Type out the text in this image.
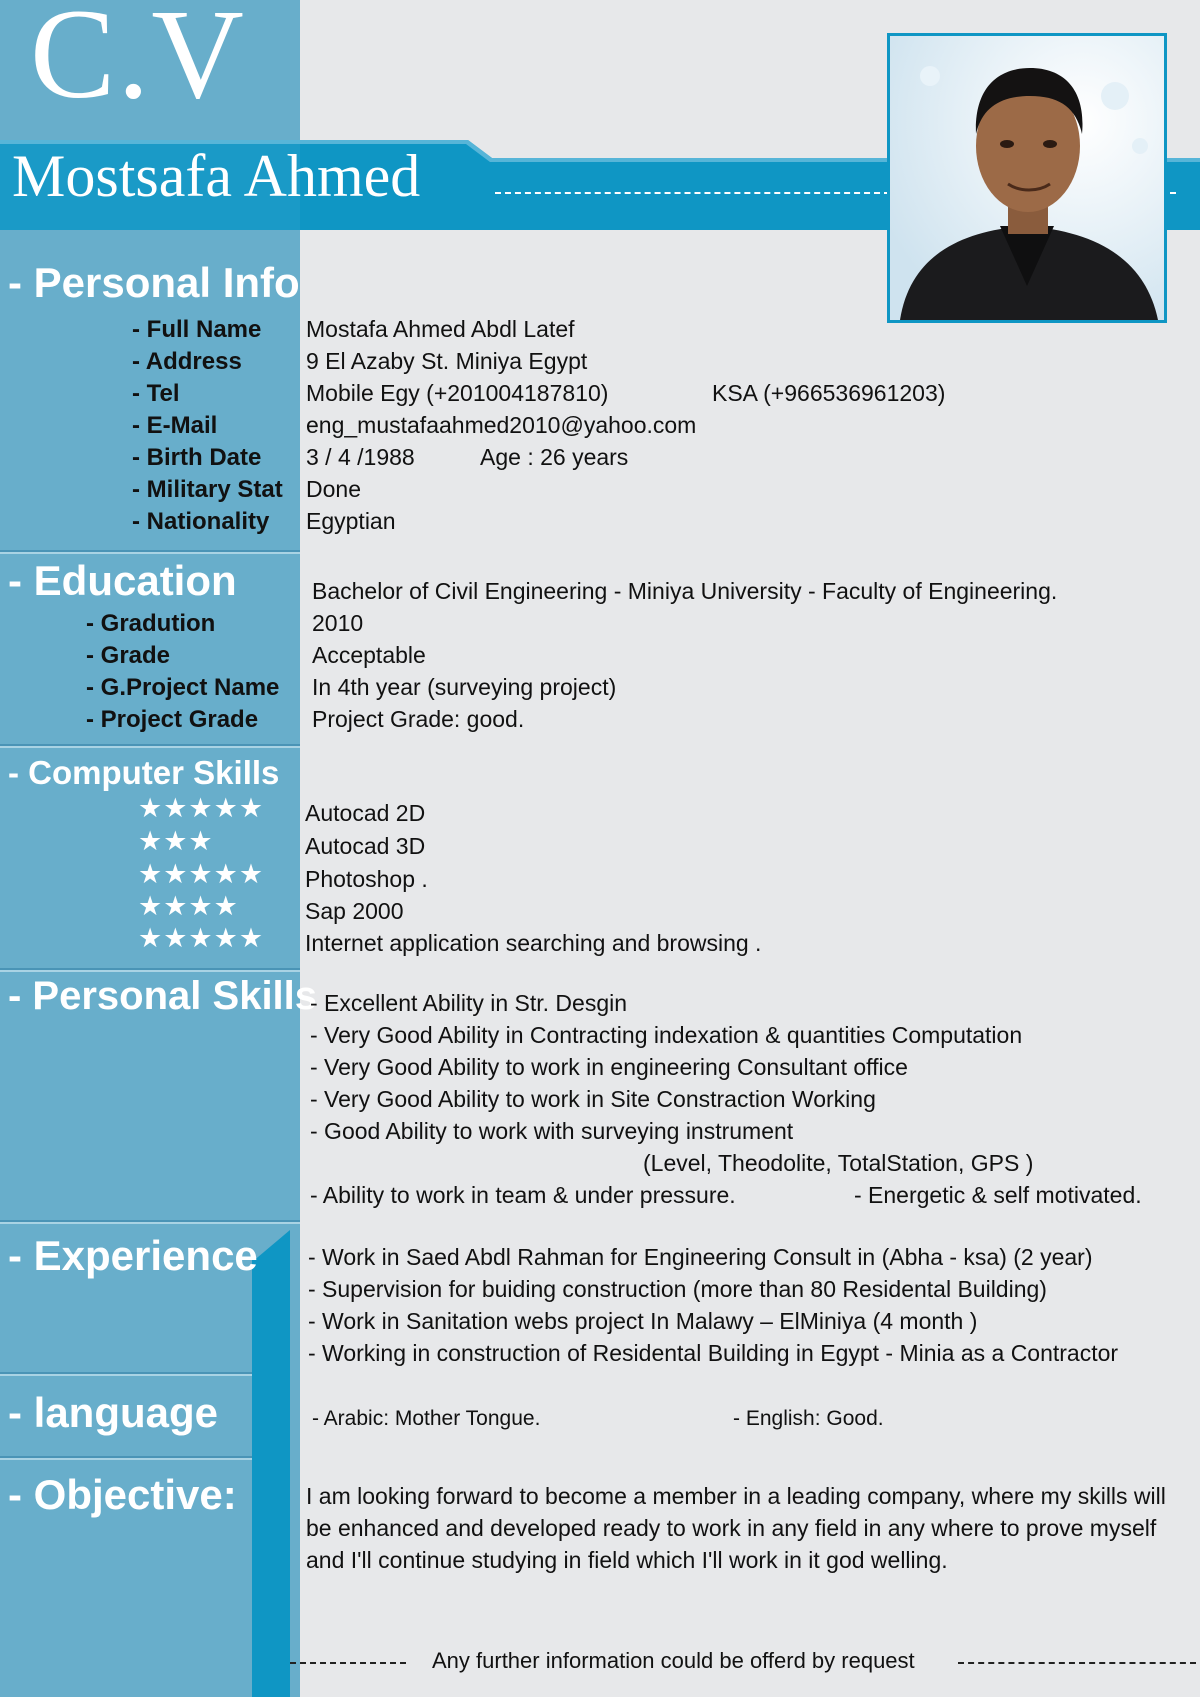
C.V
Mostsafa Ahmed
- Personal Info
- Full Name Mostafa Ahmed Abdl Latef
- Address	9 El Azaby St. Miniya Egypt
- Tel	Mobile Egy (+201004187810)	KSA (+966536961203)
- E-Mail	eng_mustafaahmed2010@yahoo.com
- Birth Date 3 / 4 /1988	Age : 26 years
- Military Stat Done
- Nationality Egyptian
- Education	Bachelor of Civil Engineering - Miniya University - Faculty of Engineering.
- Gradution	2010
- Grade	Acceptable
- G.Project Name In 4th year (surveying project)
- Project Grade Project Grade: good.
- Computer Skills
★★★★★ Autocad 2D
★★★	Autocad 3D
★★★★★ Photoshop .
★★★★	Sap 2000
★★★★★ Internet application searching and browsing .
- Personal Skills
- Excellent Ability in Str. Desgin
- Very Good Ability in Contracting indexation & quantities Computation
- Very Good Ability to work in engineering Consultant office
- Very Good Ability to work in Site Constraction Working
- Good Ability to work with surveying instrument
(Level, Theodolite, TotalStation, GPS )
- Ability to work in team & under pressure.	- Energetic & self motivated.
- Experience - Work in Saed Abdl Rahman for Engineering Consult in (Abha - ksa) (2 year)
- Supervision for buiding construction (more than 80 Residental Building)
- Work in Sanitation webs project In Malawy – ElMiniya (4 month )
- Working in construction of Residental Building in Egypt - Minia as a Contractor
- language	- Arabic: Mother Tongue.	- English: Good.
- Objective:	I am looking forward to become a member in a leading company, where my skills will be enhanced and developed ready to work in any field in any where to prove myself and I'll continue studying in field which I'll work in it god welling.
Any further information could be offerd by request
